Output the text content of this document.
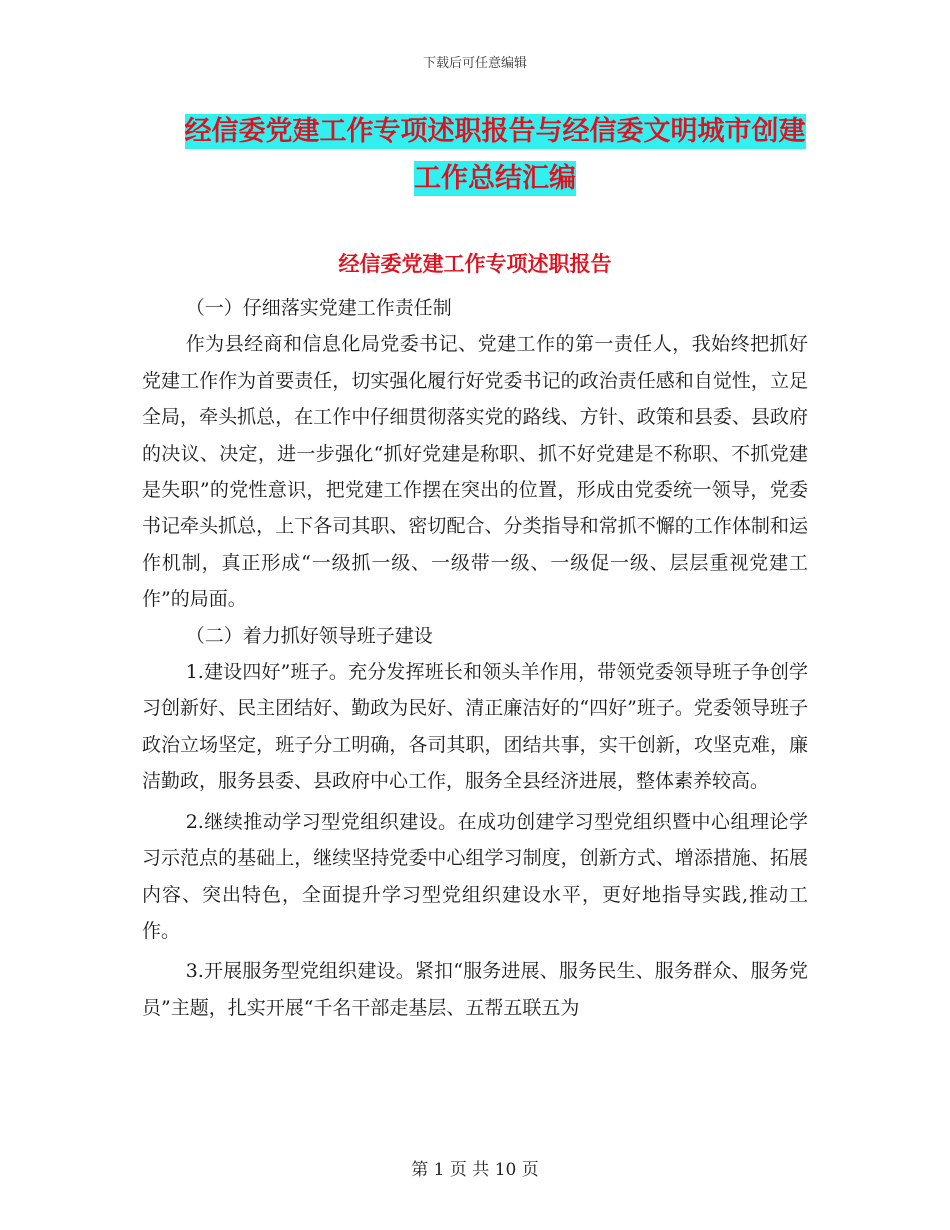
下载后可任意编辑
经信委党建工作专项述职报告与经信委文明城市创建
工作总结汇编
经信委党建工作专项述职报告

（一）仔细落实党建工作责任制

作为县经商和信息化局党委书记、党建工作的第一责任人，我始终把抓好党建工作作为首要责任，切实强化履行好党委书记的政治责任感和自觉性，立足全局，牵头抓总，在工作中仔细贯彻落实党的路线、方针、政策和县委、县政府的决议、决定，进一步强化“抓好党建是称职、抓不好党建是不称职、不抓党建是失职”的党性意识，把党建工作摆在突出的位置，形成由党委统一领导，党委书记牵头抓总，上下各司其职、密切配合、分类指导和常抓不懈的工作体制和运作机制，真正形成“一级抓一级、一级带一级、一级促一级、层层重视党建工作”的局面。

（二）着力抓好领导班子建设

1.建设四好”班子。充分发挥班长和领头羊作用，带领党委领导班子争创学习创新好、民主团结好、勤政为民好、清正廉洁好的“四好”班子。党委领导班子政治立场坚定，班子分工明确，各司其职，团结共事，实干创新，攻坚克难，廉洁勤政，服务县委、县政府中心工作，服务全县经济进展，整体素养较高。

2.继续推动学习型党组织建设。在成功创建学习型党组织暨中心组理论学习示范点的基础上，继续坚持党委中心组学习制度，创新方式、增添措施、拓展内容、突出特色，全面提升学习型党组织建设水平，更好地指导实践,推动工作。

3.开展服务型党组织建设。紧扣“服务进展、服务民生、服务群众、服务党员”主题，扎实开展“千名干部走基层、五帮五联五为

第 1 页 共 10 页
